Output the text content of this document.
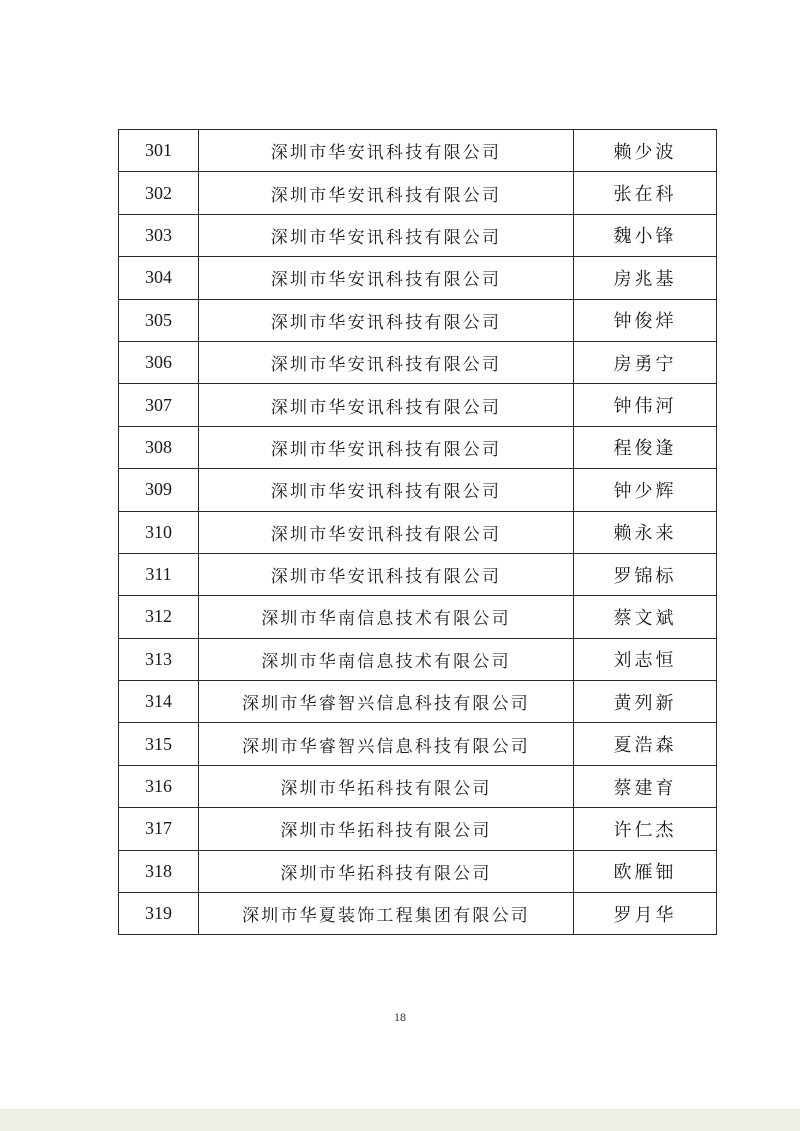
301	深圳市华安讯科技有限公司	赖少波
302	深圳市华安讯科技有限公司	张在科
303	深圳市华安讯科技有限公司	魏小锋
304	深圳市华安讯科技有限公司	房兆基
305	深圳市华安讯科技有限公司	钟俊烊
306	深圳市华安讯科技有限公司	房勇宁
307	深圳市华安讯科技有限公司	钟伟河
308	深圳市华安讯科技有限公司	程俊逢
309	深圳市华安讯科技有限公司	钟少辉
310	深圳市华安讯科技有限公司	赖永来
311	深圳市华安讯科技有限公司	罗锦标
312	深圳市华南信息技术有限公司	蔡文斌
313	深圳市华南信息技术有限公司	刘志恒
314	深圳市华睿智兴信息科技有限公司	黄列新
315	深圳市华睿智兴信息科技有限公司	夏浩森
316	深圳市华拓科技有限公司	蔡建育
317	深圳市华拓科技有限公司	许仁杰
318	深圳市华拓科技有限公司	欧雁钿
319	深圳市华夏装饰工程集团有限公司	罗月华
18
